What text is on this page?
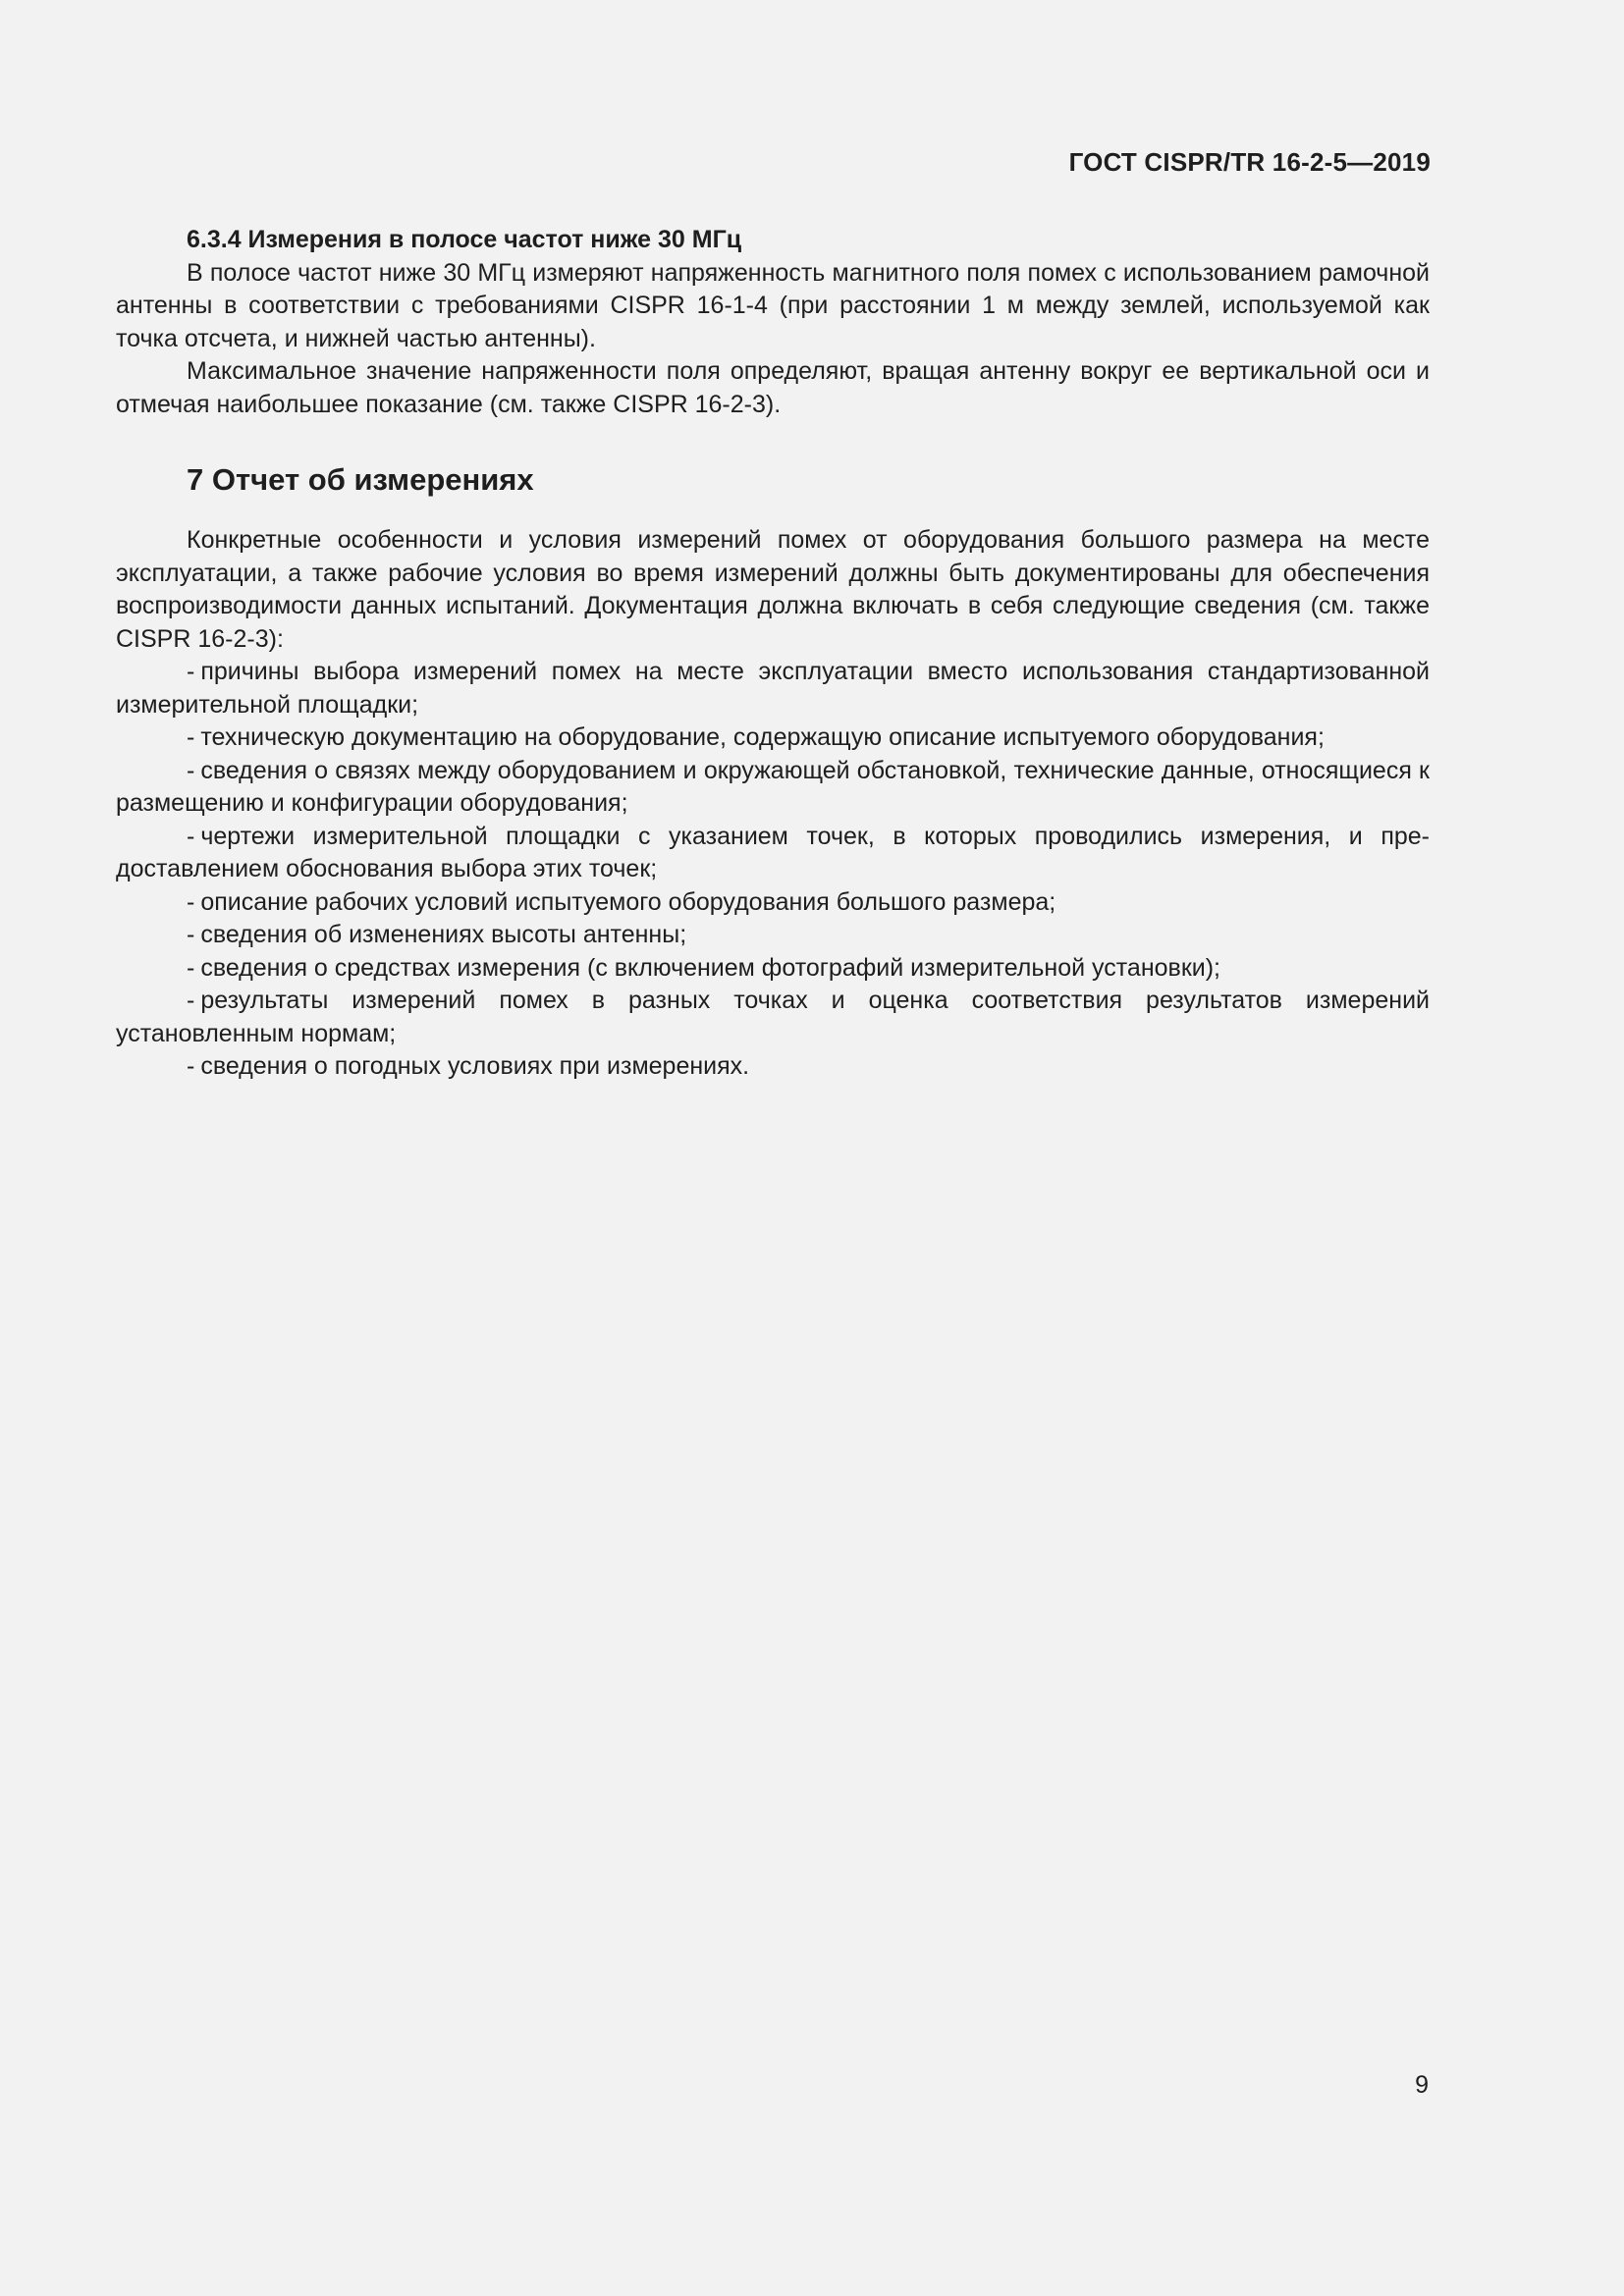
ГОСТ CISPR/TR 16-2-5—2019

6.3.4 Измерения в полосе частот ниже 30 МГц

В полосе частот ниже 30 МГц измеряют напряженность магнитного поля помех с использованием рамочной антенны в соответствии с требованиями CISPR 16-1-4 (при расстоянии 1 м между землей, используемой как точка отсчета, и нижней частью антенны).

Максимальное значение напряженности поля определяют, вращая антенну вокруг ее вертикальной оси и отмечая наибольшее показание (см. также CISPR 16-2-3).

7 Отчет об измерениях

Конкретные особенности и условия измерений помех от оборудования большого размера на месте эксплуатации, а также рабочие условия во время измерений должны быть документированы для обеспечения воспроизводимости данных испытаний. Документация должна включать в себя следующие сведения (см. также CISPR 16-2-3):

- причины выбора измерений помех на месте эксплуатации вместо использования стандартизованной измерительной площадки;
- техническую документацию на оборудование, содержащую описание испытуемого оборудования;
- сведения о связях между оборудованием и окружающей обстановкой, технические данные, относящиеся к размещению и конфигурации оборудования;
- чертежи измерительной площадки с указанием точек, в которых проводились измерения, и предоставлением обоснования выбора этих точек;
- описание рабочих условий испытуемого оборудования большого размера;
- сведения об изменениях высоты антенны;
- сведения о средствах измерения (с включением фотографий измерительной установки);
- результаты измерений помех в разных точках и оценка соответствия результатов измерений установленным нормам;
- сведения о погодных условиях при измерениях.
9
